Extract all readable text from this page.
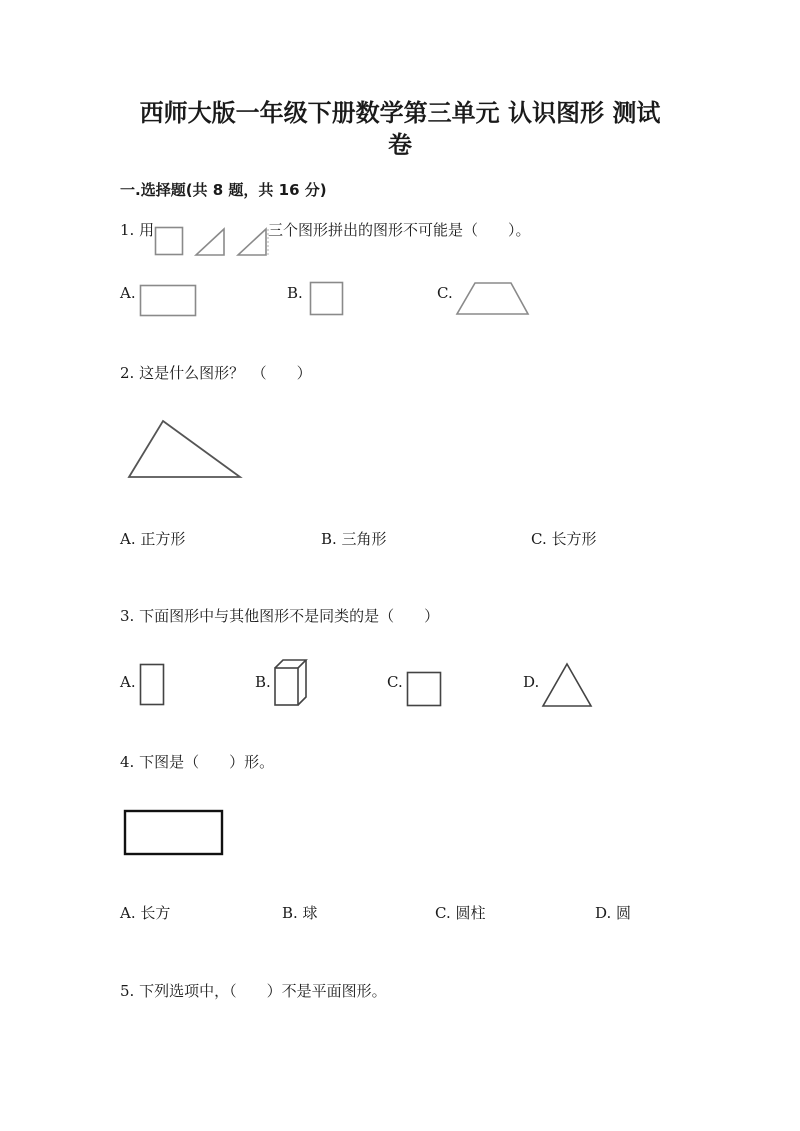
西师大版一年级下册数学第三单元 认识图形 测试
卷
一.选择题(共 8 题，共 16 分)
1. 用	三个图形拼出的图形不可能是（　　）。
A.	B.	C.
2. 这是什么图形？　（　　）
A. 正方形	B. 三角形	C. 长方形
3. 下面图形中与其他图形不是同类的是（　　）
A.	B.	C.	D.
4. 下图是（　　）形。
A. 长方	B. 球	C. 圆柱	D. 圆
5. 下列选项中，（　　）不是平面图形。
